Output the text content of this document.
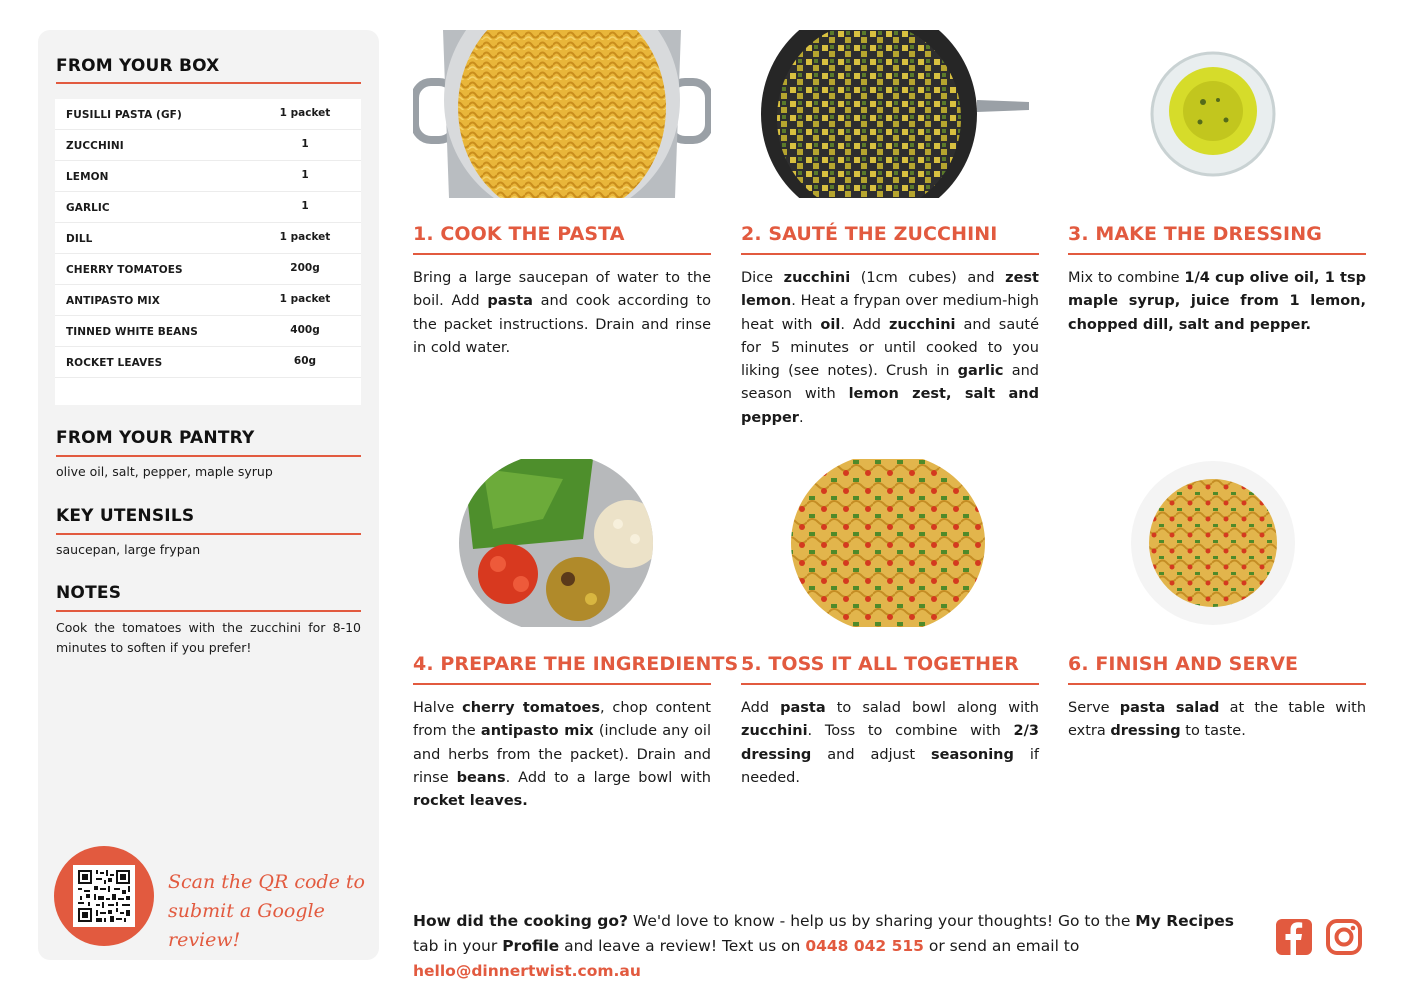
FROM YOUR BOX
FUSILLI PASTA (GF)	1 packet
ZUCCHINI	1
LEMON	1
GARLIC	1
DILL	1 packet
CHERRY TOMATOES	200g
ANTIPASTO MIX	1 packet
TINNED WHITE BEANS	400g
ROCKET LEAVES	60g
FROM YOUR PANTRY
olive oil, salt, pepper, maple syrup
KEY UTENSILS
saucepan, large frypan
NOTES
Cook the tomatoes with the zucchini for 8-10 minutes to soften if you prefer!
Scan the QR code to
submit a Google review!
1. COOK THE PASTA
Bring a large saucepan of water to the boil. Add pasta and cook according to the packet instructions. Drain and rinse in cold water.
2. SAUTÉ THE ZUCCHINI
Dice zucchini (1cm cubes) and zest lemon. Heat a frypan over medium-high heat with oil. Add zucchini and sauté for 5 minutes or until cooked to you liking (see notes). Crush in garlic and season with lemon zest, salt and pepper.
3. MAKE THE DRESSING
Mix to combine 1/4 cup olive oil, 1 tsp maple syrup, juice from 1 lemon, chopped dill, salt and pepper.
4. PREPARE THE INGREDIENTS
Halve cherry tomatoes, chop content from the antipasto mix (include any oil and herbs from the packet). Drain and rinse beans. Add to a large bowl with rocket leaves.
5. TOSS IT ALL TOGETHER
Add pasta to salad bowl along with zucchini. Toss to combine with 2/3 dressing and adjust seasoning if needed.
6. FINISH AND SERVE
Serve pasta salad at the table with extra dressing to taste.
How did the cooking go? We'd love to know - help us by sharing your thoughts! Go to the My Recipes tab in your Profile and leave a review! Text us on 0448 042 515 or send an email to hello@dinnertwist.com.au
